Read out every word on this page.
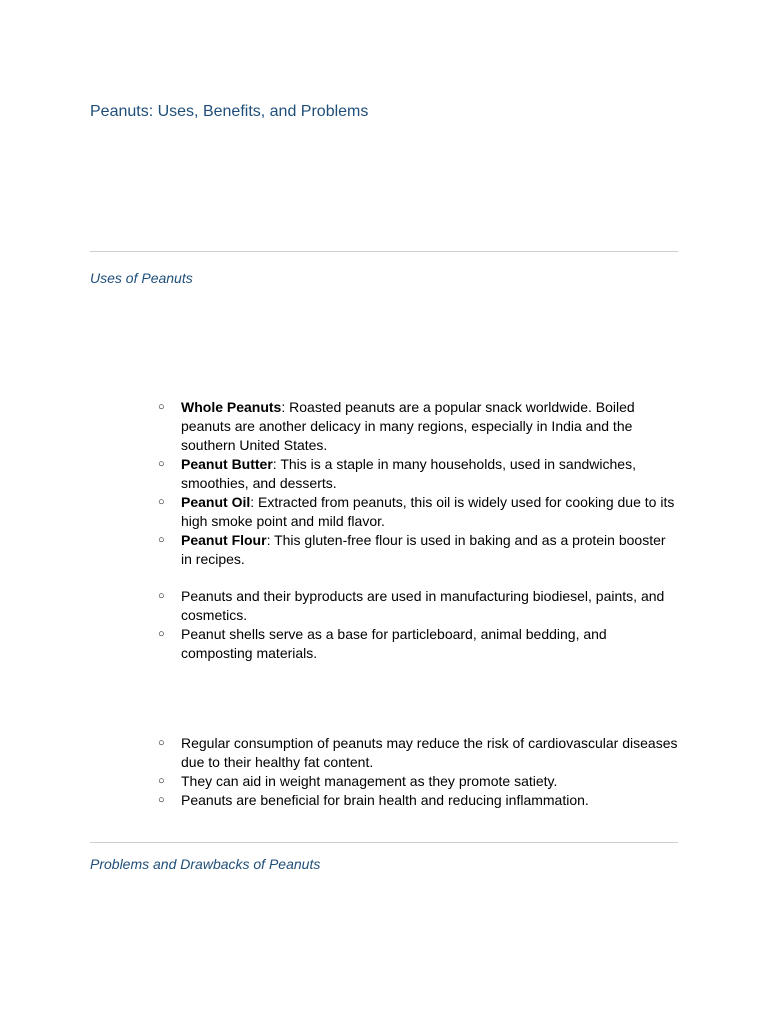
Peanuts: Uses, Benefits, and Problems
Uses of Peanuts
○ Whole Peanuts: Roasted peanuts are a popular snack worldwide. Boiled peanuts are another delicacy in many regions, especially in India and the southern United States.
○ Peanut Butter: This is a staple in many households, used in sandwiches, smoothies, and desserts.
○ Peanut Oil: Extracted from peanuts, this oil is widely used for cooking due to its high smoke point and mild flavor.
○ Peanut Flour: This gluten-free flour is used in baking and as a protein booster in recipes.
○ Peanuts and their byproducts are used in manufacturing biodiesel, paints, and cosmetics.
○ Peanut shells serve as a base for particleboard, animal bedding, and composting materials.
○ Regular consumption of peanuts may reduce the risk of cardiovascular diseases due to their healthy fat content.
○ They can aid in weight management as they promote satiety.
○ Peanuts are beneficial for brain health and reducing inflammation.
Problems and Drawbacks of Peanuts
